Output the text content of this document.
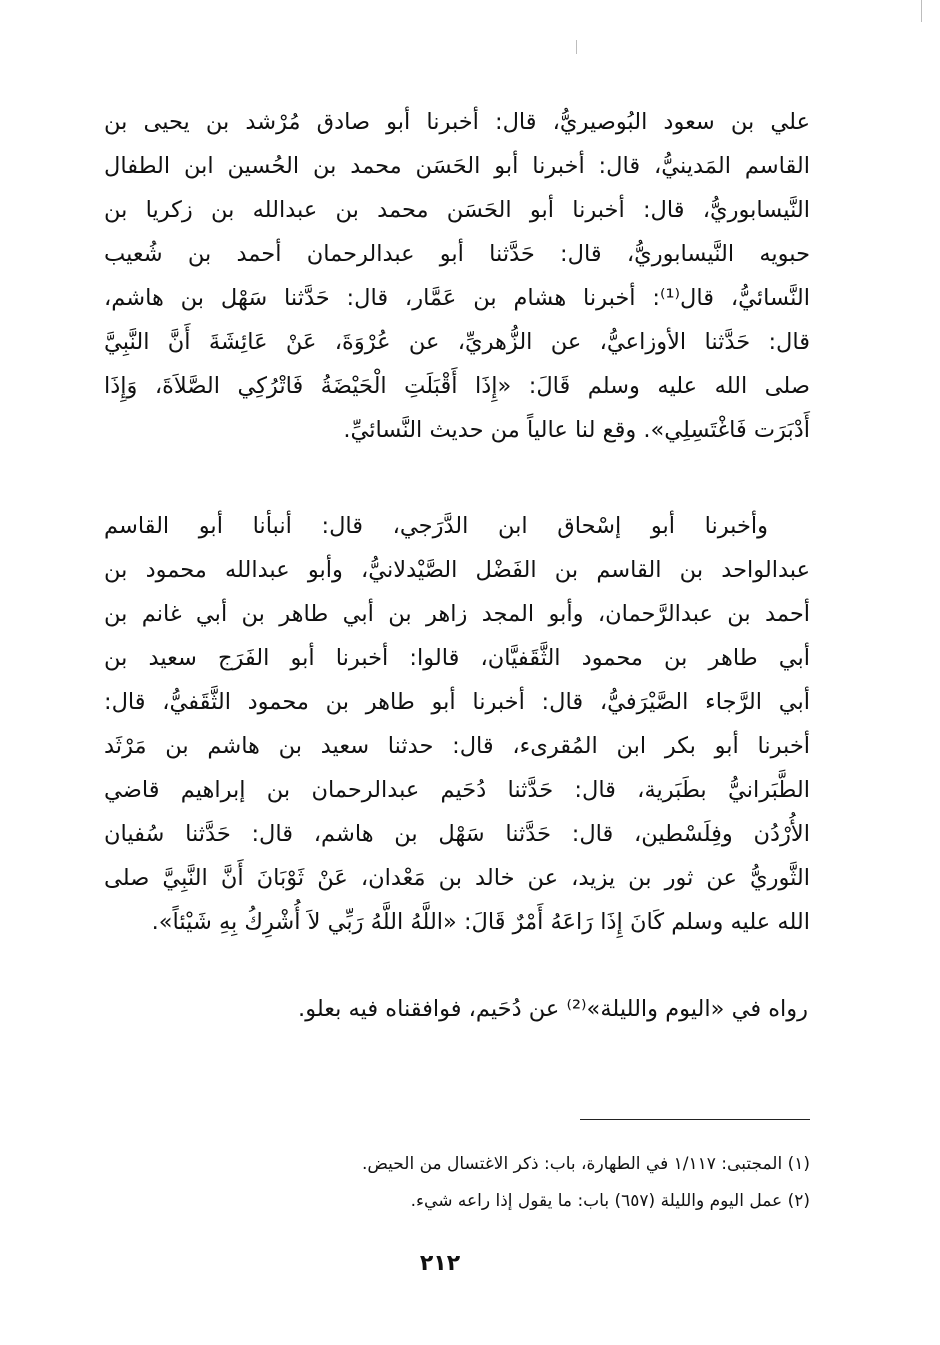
علي بن سعود البُوصيريُّ، قال: أخبرنا أبو صادق مُرْشد بن يحيى بن
القاسم المَدينيُّ، قال: أخبرنا أبو الحَسَن محمد بن الحُسين ابن الطفال
النَّيسابوريُّ، قال: أخبرنا أبو الحَسَن محمد بن عبدالله بن زكريا بن
حبويه النَّيسابوريُّ، قال: حَدَّثنا أبو عبدالرحمان أحمد بن شُعيب
النَّسائيُّ، قال⁽¹⁾: أخبرنا هشام بن عَمَّار، قال: حَدَّثنا سَهْل بن هاشم،
قال: حَدَّثنا الأوزاعيُّ، عن الزُّهريِّ، عن عُرْوَةَ، عَنْ عَائِشَةَ أَنَّ النَّبِيَّ
صلى الله عليه وسلم قَالَ: «إِذَا أَقْبَلَتِ الْحَيْضَةُ فَاتْرُكِي الصَّلاَةَ، وَإِذَا
أَدْبَرَت فَاغْتَسِلِي». وقع لنا عالياً من حديث النَّسائيِّ.
وأخبرنا أبو إسْحاق ابن الدَّرَجي، قال: أنبأنا أبو القاسم
عبدالواحد بن القاسم بن الفَضْل الصَّيْدلانيُّ، وأبو عبدالله محمود بن
أحمد بن عبدالرَّحمان، وأبو المجد زاهر بن أبي طاهر بن أبي غانم بن
أبي طاهر بن محمود الثَّقَفيَّان، قالوا: أخبرنا أبو الفَرَج سعيد بن
أبي الرَّجاء الصَّيْرَفيُّ، قال: أخبرنا أبو طاهر بن محمود الثَّقَفيُّ، قال:
أخبرنا أبو بكر ابن المُقرىء، قال: حدثنا سعيد بن هاشم بن مَرْثَد
الطَّبَرانيُّ بطَبَرية، قال: حَدَّثنا دُحَيم عبدالرحمان بن إبراهيم قاضي
الأُرْدُن وفِلَسْطين، قال: حَدَّثنا سَهْل بن هاشم، قال: حَدَّثنا سُفيان
الثَّوريُّ عن ثور بن يزيد، عن خالد بن مَعْدان، عَنْ ثَوْبَانَ أَنَّ النَّبِيَّ صلى
الله عليه وسلم كَانَ إِذَا رَاعَهُ أَمْرٌ قَالَ: «اللَّهُ اللَّهُ رَبِّي لاَ أُشْرِكُ بِهِ شَيْئاً».
رواه في «اليوم والليلة»⁽²⁾ عن دُحَيم، فوافقناه فيه بعلو.
(١) المجتبى: ١/١١٧ في الطهارة، باب: ذكر الاغتسال من الحيض.
(٢) عمل اليوم والليلة (٦٥٧) باب: ما يقول إذا راعه شيء.
٢١٢
